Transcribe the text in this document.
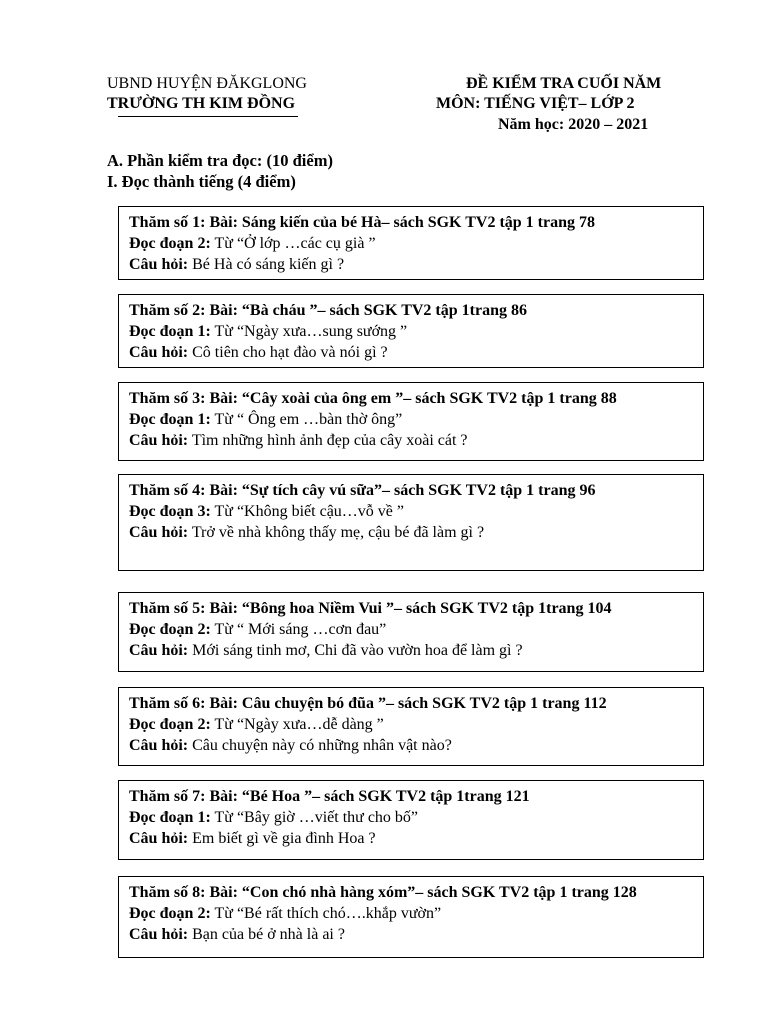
UBND HUYỆN ĐĂKGLONG
TRƯỜNG TH KIM ĐỒNG
ĐỀ KIỂM TRA CUỐI NĂM
MÔN: TIẾNG VIỆT– LỚP 2
Năm học: 2020 – 2021
A. Phần kiểm tra đọc: (10 điểm)
I. Đọc thành tiếng (4 điểm)
Thăm số 1: Bài: Sáng kiến của bé Hà– sách SGK TV2 tập 1 trang 78
Đọc đoạn 2: Từ “Ở lớp …các cụ già ”
Câu hỏi: Bé Hà có sáng kiến gì ?
Thăm số 2: Bài: “Bà cháu ”– sách SGK TV2 tập 1trang 86
Đọc đoạn 1: Từ “Ngày xưa…sung sướng ”
Câu hỏi: Cô tiên cho hạt đào và nói gì ?
Thăm số 3: Bài: “Cây xoài của ông em ”– sách SGK TV2 tập 1 trang 88
Đọc đoạn 1: Từ “ Ông em …bàn thờ ông”
Câu hỏi: Tìm những hình ảnh đẹp của cây xoài cát ?
Thăm số 4: Bài: “Sự tích cây vú sữa”– sách SGK TV2 tập 1 trang 96
Đọc đoạn 3: Từ “Không biết cậu…vỗ về ”
Câu hỏi: Trở về nhà không thấy mẹ, cậu bé đã làm gì ?
Thăm số 5: Bài: “Bông hoa Niềm Vui ”– sách SGK TV2 tập 1trang 104
Đọc đoạn 2: Từ “ Mới sáng …cơn đau”
Câu hỏi: Mới sáng tinh mơ, Chi đã vào vườn hoa để làm gì ?
Thăm số 6: Bài: Câu chuyện bó đũa ”– sách SGK TV2 tập 1 trang 112
Đọc đoạn 2: Từ “Ngày xưa…dễ dàng ”
Câu hỏi: Câu chuyện này có những nhân vật nào?
Thăm số 7: Bài: “Bé Hoa ”– sách SGK TV2 tập 1trang 121
Đọc đoạn 1: Từ “Bây giờ …viết thư cho bố”
Câu hỏi: Em biết gì về gia đình Hoa ?
Thăm số 8: Bài: “Con chó nhà hàng xóm”– sách SGK TV2 tập 1 trang 128
Đọc đoạn 2: Từ “Bé rất thích chó….khắp vườn”
Câu hỏi: Bạn của bé ở nhà là ai ?
